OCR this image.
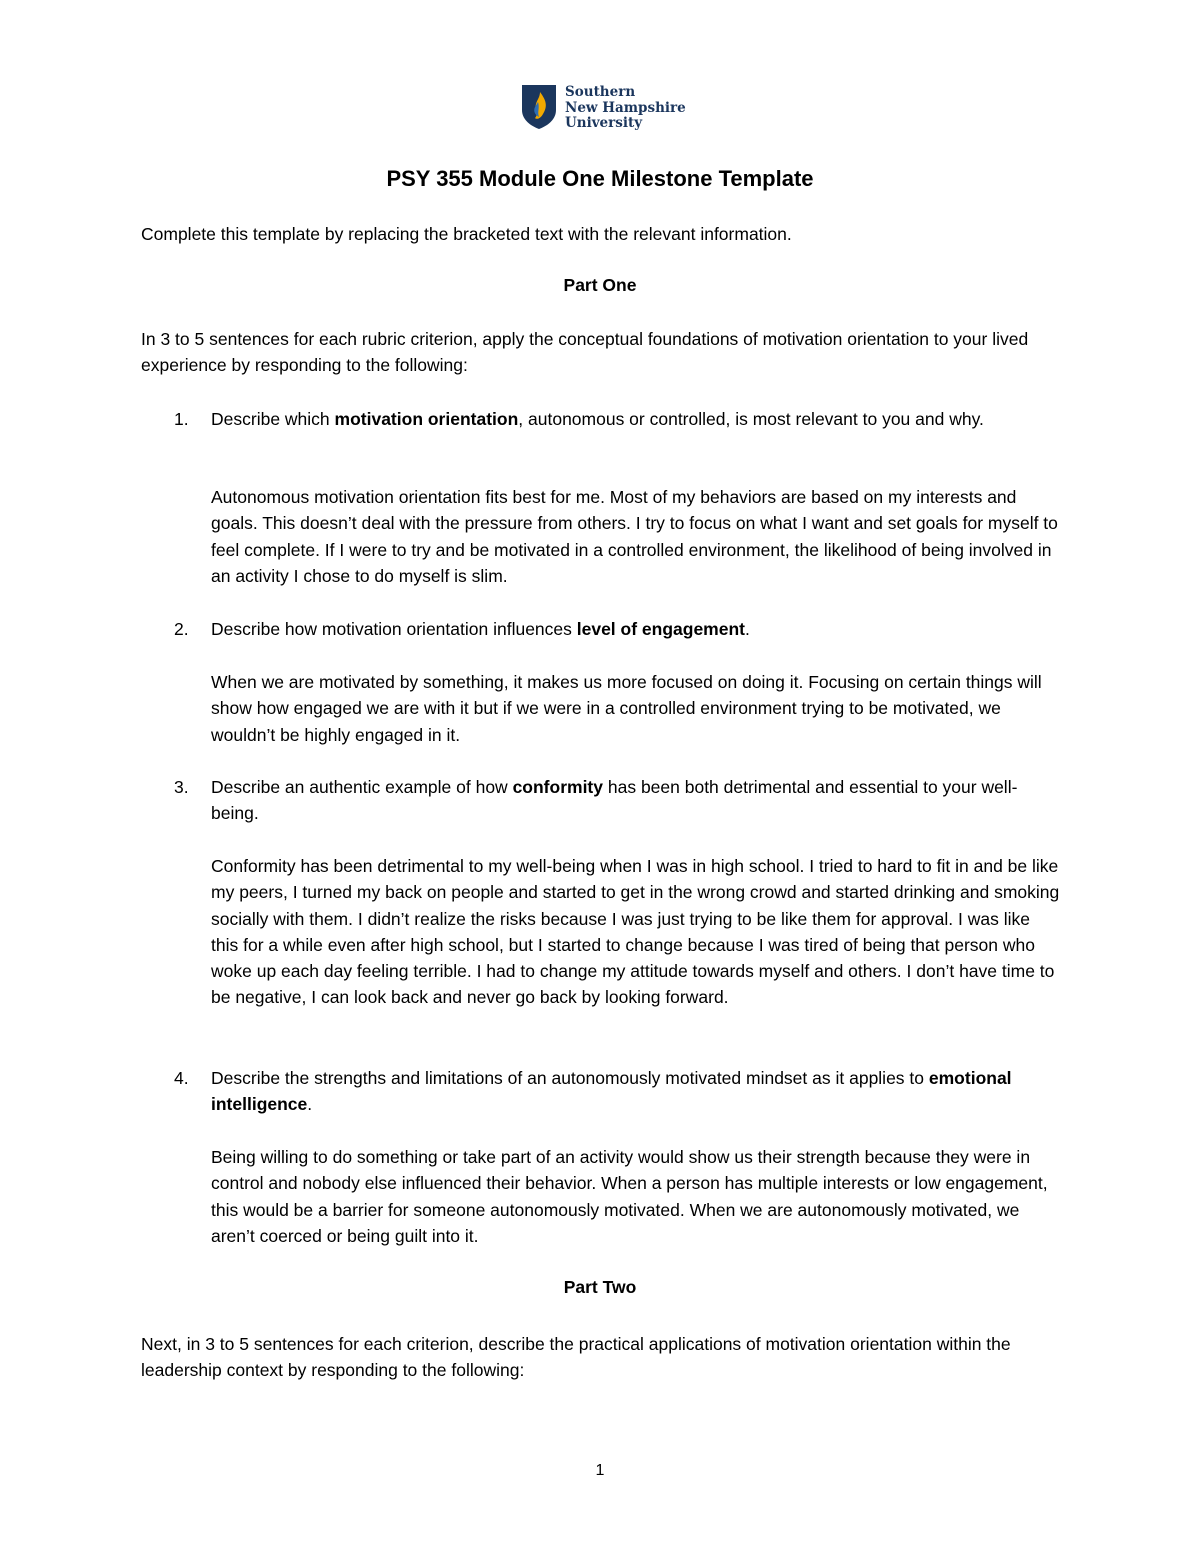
Southern
New Hampshire
University
PSY 355 Module One Milestone Template

Complete this template by replacing the bracketed text with the relevant information.

Part One

In 3 to 5 sentences for each rubric criterion, apply the conceptual foundations of motivation orientation to your lived experience by responding to the following:

1. Describe which motivation orientation, autonomous or controlled, is most relevant to you and why.

Autonomous motivation orientation fits best for me. Most of my behaviors are based on my interests and goals. This doesn’t deal with the pressure from others. I try to focus on what I want and set goals for myself to feel complete. If I were to try and be motivated in a controlled environment, the likelihood of being involved in an activity I chose to do myself is slim.

2. Describe how motivation orientation influences level of engagement.

When we are motivated by something, it makes us more focused on doing it. Focusing on certain things will show how engaged we are with it but if we were in a controlled environment trying to be motivated, we wouldn’t be highly engaged in it.

3. Describe an authentic example of how conformity has been both detrimental and essential to your well-being.

Conformity has been detrimental to my well-being when I was in high school. I tried to hard to fit in and be like my peers, I turned my back on people and started to get in the wrong crowd and started drinking and smoking socially with them. I didn’t realize the risks because I was just trying to be like them for approval. I was like this for a while even after high school, but I started to change because I was tired of being that person who woke up each day feeling terrible. I had to change my attitude towards myself and others. I don’t have time to be negative, I can look back and never go back by looking forward.

4. Describe the strengths and limitations of an autonomously motivated mindset as it applies to emotional intelligence.

Being willing to do something or take part of an activity would show us their strength because they were in control and nobody else influenced their behavior. When a person has multiple interests or low engagement, this would be a barrier for someone autonomously motivated. When we are autonomously motivated, we aren’t coerced or being guilt into it.

Part Two

Next, in 3 to 5 sentences for each criterion, describe the practical applications of motivation orientation within the leadership context by responding to the following:

1
